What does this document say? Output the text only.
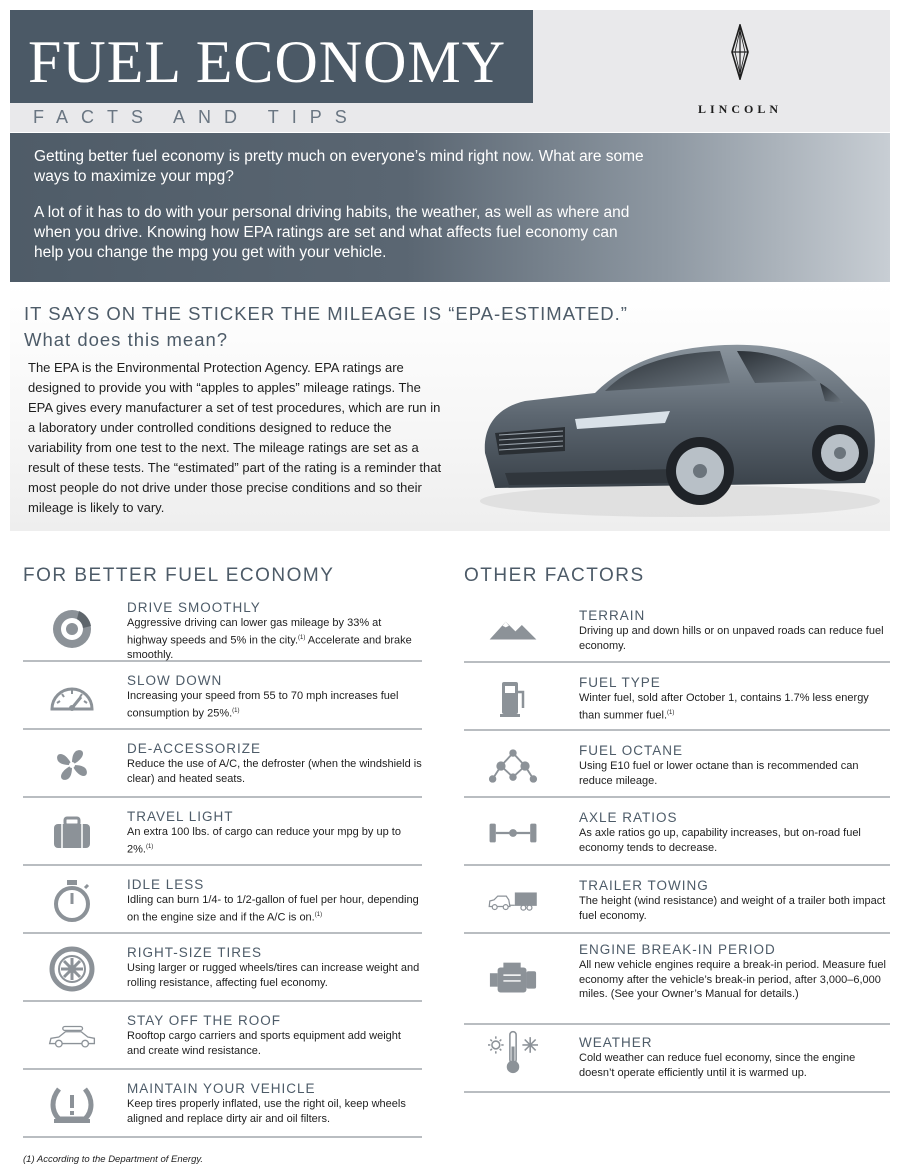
FUEL ECONOMY
FACTS AND TIPS	LINCOLN

Getting better fuel economy is pretty much on everyone’s mind right now. What are some ways to maximize your mpg?

A lot of it has to do with your personal driving habits, the weather, as well as where and when you drive. Knowing how EPA ratings are set and what affects fuel economy can help you change the mpg you get with your vehicle.

IT SAYS ON THE STICKER THE MILEAGE IS “EPA-ESTIMATED.”
What does this mean?
The EPA is the Environmental Protection Agency. EPA ratings are designed to provide you with “apples to apples” mileage ratings. The EPA gives every manufacturer a set of test procedures, which are run in a laboratory under controlled conditions designed to reduce the variability from one test to the next. The mileage ratings are set as a result of these tests. The “estimated” part of the rating is a reminder that most people do not drive under those precise conditions and so their mileage is likely to vary.
FOR BETTER FUEL ECONOMY	OTHER FACTORS
DRIVE SMOOTHLY
Aggressive driving can lower gas mileage by 33% at highway speeds and 5% in the city.$^{(1)}$ Accelerate and brake smoothly.
SLOW DOWN
Increasing your speed from 55 to 70 mph increases fuel consumption by 25%.$^{(1)}$
DE-ACCESSORIZE
Reduce the use of A/C, the defroster (when the windshield is clear) and heated seats.
TRAVEL LIGHT
An extra 100 lbs. of cargo can reduce your mpg by up to 2%.$^{(1)}$
IDLE LESS
Idling can burn 1/4- to 1/2-gallon of fuel per hour, depending on the engine size and if the A/C is on.$^{(1)}$
RIGHT-SIZE TIRES
Using larger or rugged wheels/tires can increase weight and rolling resistance, affecting fuel economy.
STAY OFF THE ROOF
Rooftop cargo carriers and sports equipment add weight and create wind resistance.
MAINTAIN YOUR VEHICLE
Keep tires properly inflated, use the right oil, keep wheels aligned and replace dirty air and oil filters.
TERRAIN
Driving up and down hills or on unpaved roads can reduce fuel economy.
FUEL TYPE
Winter fuel, sold after October 1, contains 1.7% less energy than summer fuel.$^{(1)}$
FUEL OCTANE
Using E10 fuel or lower octane than is recommended can reduce mileage.
AXLE RATIOS
As axle ratios go up, capability increases, but on-road fuel economy tends to decrease.
TRAILER TOWING
The height (wind resistance) and weight of a trailer both impact fuel economy.
ENGINE BREAK-IN PERIOD
All new vehicle engines require a break-in period. Measure fuel economy after the vehicle’s break-in period, after 3,000–6,000 miles. (See your Owner’s Manual for details.)
WEATHER
Cold weather can reduce fuel economy, since the engine doesn’t operate efficiently until it is warmed up.
(1) According to the Department of Energy.
